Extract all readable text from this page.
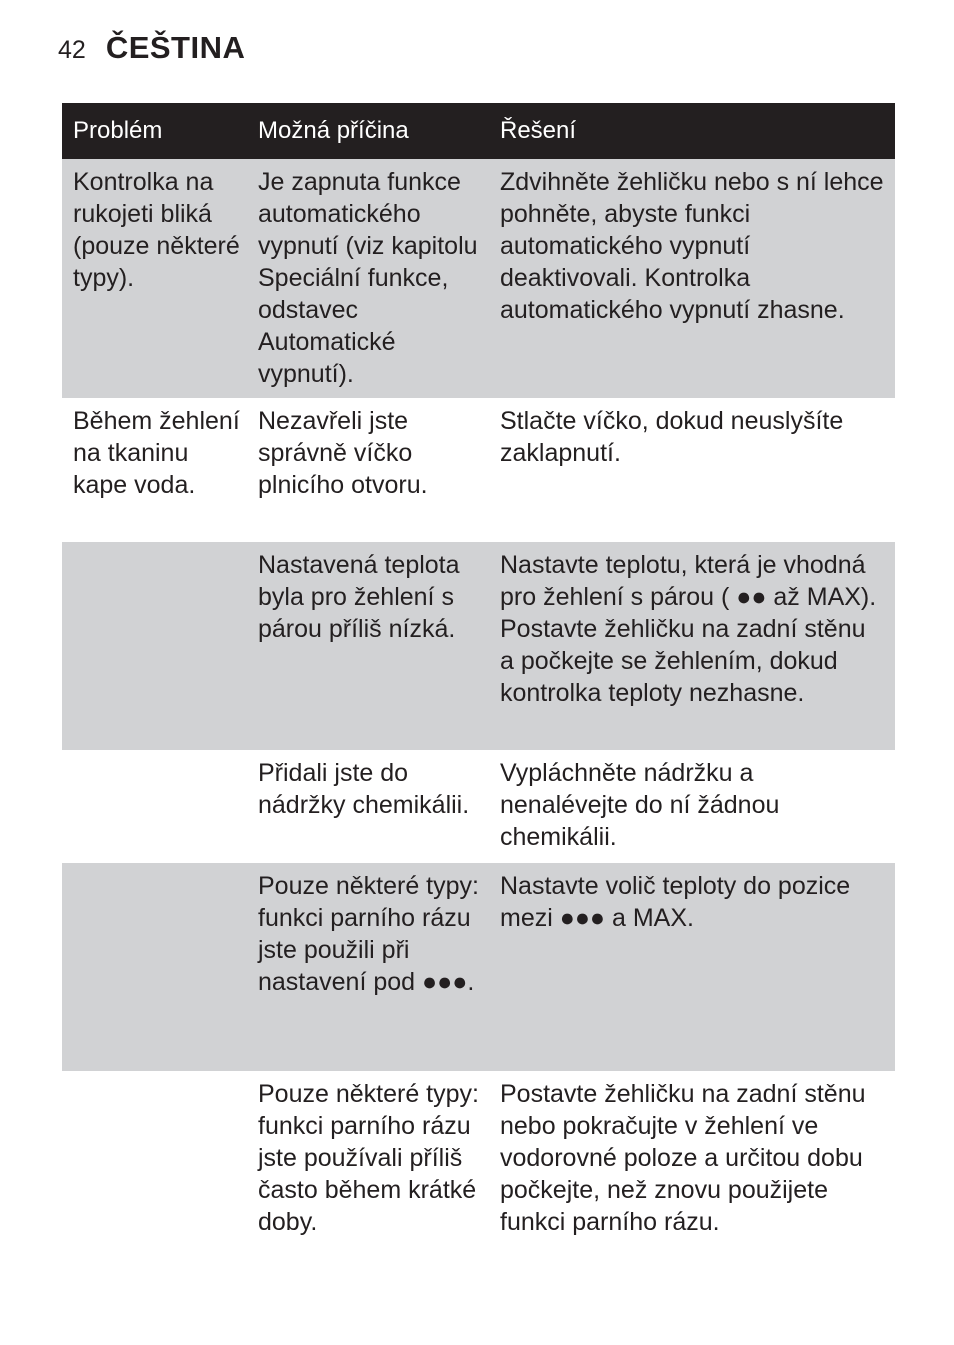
42 ČEŠTINA
Problém	Možná příčina	Řešení
Kontrolka na rukojeti bliká (pouze některé typy).	Je zapnuta funkce automatického vypnutí (viz kapitolu Speciální funkce, odstavec Automatické vypnutí).	Zdvihněte žehličku nebo s ní lehce pohněte, abyste funkci automatického vypnutí deaktivovali. Kontrolka automatického vypnutí zhasne.
Během žehlení na tkaninu kape voda.	Nezavřeli jste správně víčko plnicího otvoru.	Stlačte víčko, dokud neuslyšíte zaklapnutí.
	Nastavená teplota byla pro žehlení s párou příliš nízká.	Nastavte teplotu, která je vhodná pro žehlení s párou ( ●● až MAX). Postavte žehličku na zadní stěnu a počkejte se žehlením, dokud kontrolka teploty nezhasne.
	Přidali jste do nádržky chemikálii.	Vypláchněte nádržku a nenalévejte do ní žádnou chemikálii.
	Pouze některé typy: funkci parního rázu jste použili při nastavení pod ●●●.	Nastavte volič teploty do pozice mezi ●●● a MAX.
	Pouze některé typy: funkci parního rázu jste používali příliš často během krátké doby.	Postavte žehličku na zadní stěnu nebo pokračujte v žehlení ve vodorovné poloze a určitou dobu počkejte, než znovu použijete funkci parního rázu.
